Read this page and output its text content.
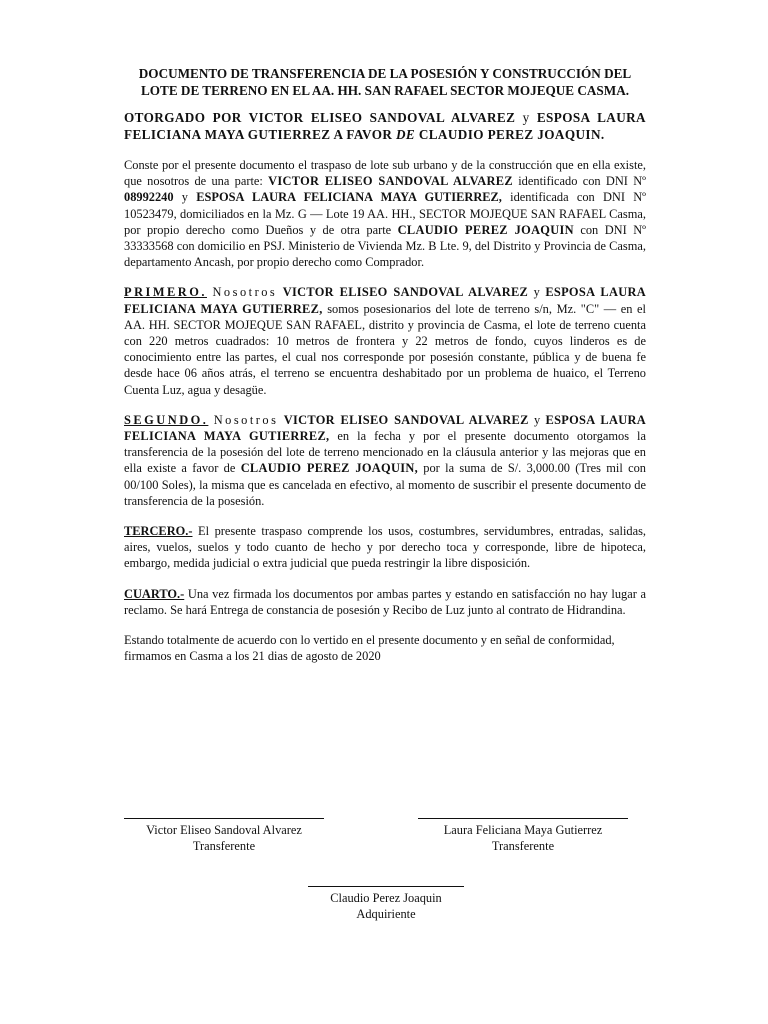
DOCUMENTO DE TRANSFERENCIA DE LA POSESIÓN Y CONSTRUCCIÓN DEL
LOTE DE TERRENO EN EL AA. HH. SAN RAFAEL SECTOR MOJEQUE CASMA.
OTORGADO POR VICTOR ELISEO SANDOVAL ALVAREZ y ESPOSA LAURA FELICIANA MAYA GUTIERREZ A FAVOR DE CLAUDIO PEREZ JOAQUIN.

Conste por el presente documento el traspaso de lote sub urbano y de la construcción que en ella existe, que nosotros de una parte: VICTOR ELISEO SANDOVAL ALVAREZ identificado con DNI Nº 08992240 y ESPOSA LAURA FELICIANA MAYA GUTIERREZ, identificada con DNI Nº 10523479, domiciliados en la Mz. G — Lote 19 AA. HH., SECTOR MOJEQUE SAN RAFAEL Casma, por propio derecho como Dueños y de otra parte CLAUDIO PEREZ JOAQUIN con DNI Nº 33333568 con domicilio en PSJ. Ministerio de Vivienda Mz. B Lte. 9, del Distrito y Provincia de Casma, departamento Ancash, por propio derecho como Comprador.

PRIMERO. Nosotros VICTOR ELISEO SANDOVAL ALVAREZ y ESPOSA LAURA FELICIANA MAYA GUTIERREZ, somos posesionarios del lote de terreno s/n, Mz. "C" — en el AA. HH. SECTOR MOJEQUE SAN RAFAEL, distrito y provincia de Casma, el lote de terreno cuenta con 220 metros cuadrados: 10 metros de frontera y 22 metros de fondo, cuyos linderos es de conocimiento entre las partes, el cual nos corresponde por posesión constante, pública y de buena fe desde hace 06 años atrás, el terreno se encuentra deshabitado por un problema de huaico, el Terreno Cuenta Luz, agua y desagüe.

SEGUNDO. Nosotros VICTOR ELISEO SANDOVAL ALVAREZ y ESPOSA LAURA FELICIANA MAYA GUTIERREZ, en la fecha y por el presente documento otorgamos la transferencia de la posesión del lote de terreno mencionado en la cláusula anterior y las mejoras que en ella existe a favor de CLAUDIO PEREZ JOAQUIN, por la suma de S/. 3,000.00 (Tres mil con 00/100 Soles), la misma que es cancelada en efectivo, al momento de suscribir el presente documento de transferencia de la posesión.

TERCERO.- El presente traspaso comprende los usos, costumbres, servidumbres, entradas, salidas, aires, vuelos, suelos y todo cuanto de hecho y por derecho toca y corresponde, libre de hipoteca, embargo, medida judicial o extra judicial que pueda restringir la libre disposición.

CUARTO.- Una vez firmada los documentos por ambas partes y estando en satisfacción no hay lugar a reclamo. Se hará Entrega de constancia de posesión y Recibo de Luz junto al contrato de Hidrandina.

Estando totalmente de acuerdo con lo vertido en el presente documento y en señal de conformidad, firmamos en Casma a los 21 dias de agosto de 2020

Victor Eliseo Sandoval Alvarez
Transferente
Laura Feliciana Maya Gutierrez
Transferente
Claudio Perez Joaquin
Adquiriente
